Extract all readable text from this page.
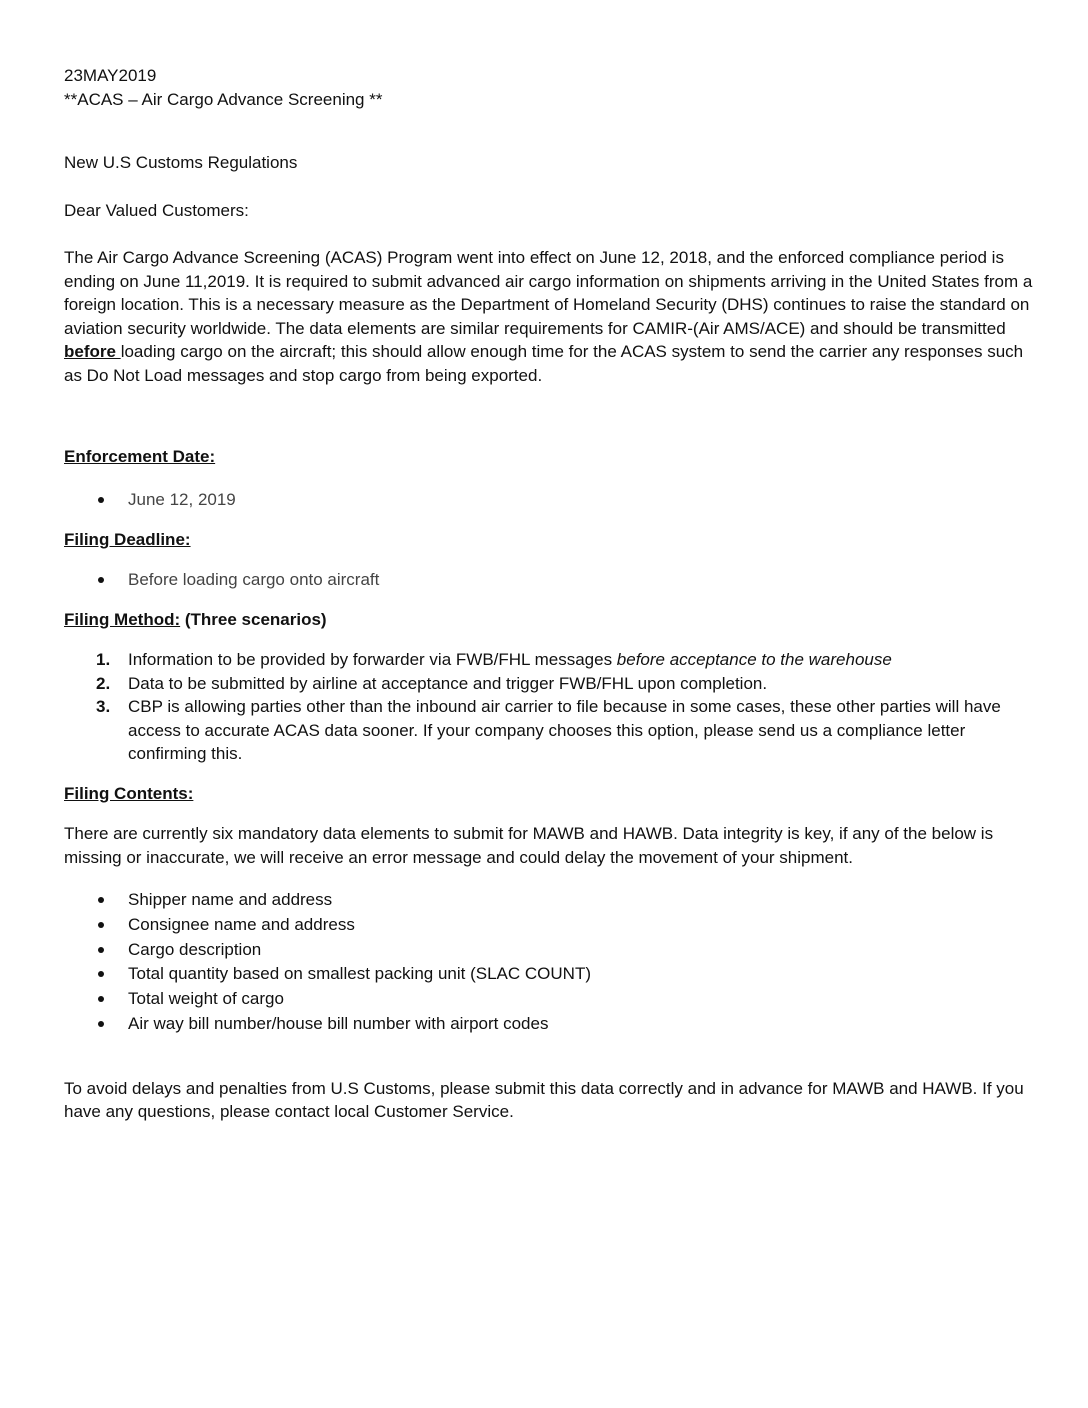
23MAY2019
**ACAS – Air Cargo Advance Screening **
New U.S Customs Regulations
Dear Valued Customers:
The Air Cargo Advance Screening (ACAS) Program went into effect on June 12, 2018, and the enforced compliance period is ending on June 11,2019. It is required to submit advanced air cargo information on shipments arriving in the United States from a foreign location. This is a necessary measure as the Department of Homeland Security (DHS) continues to raise the standard on aviation security worldwide. The data elements are similar requirements for CAMIR-(Air AMS/ACE) and should be transmitted before loading cargo on the aircraft; this should allow enough time for the ACAS system to send the carrier any responses such as Do Not Load messages and stop cargo from being exported.
Enforcement Date:
June 12, 2019
Filing Deadline:
Before loading cargo onto aircraft
Filing Method: (Three scenarios)
1. Information to be provided by forwarder via FWB/FHL messages before acceptance to the warehouse
2. Data to be submitted by airline at acceptance and trigger FWB/FHL upon completion.
3. CBP is allowing parties other than the inbound air carrier to file because in some cases, these other parties will have access to accurate ACAS data sooner. If your company chooses this option, please send us a compliance letter confirming this.
Filing Contents:
There are currently six mandatory data elements to submit for MAWB and HAWB. Data integrity is key, if any of the below is missing or inaccurate, we will receive an error message and could delay the movement of your shipment.
Shipper name and address
Consignee name and address
Cargo description
Total quantity based on smallest packing unit (SLAC COUNT)
Total weight of cargo
Air way bill number/house bill number with airport codes
To avoid delays and penalties from U.S Customs, please submit this data correctly and in advance for MAWB and HAWB. If you have any questions, please contact local Customer Service.
